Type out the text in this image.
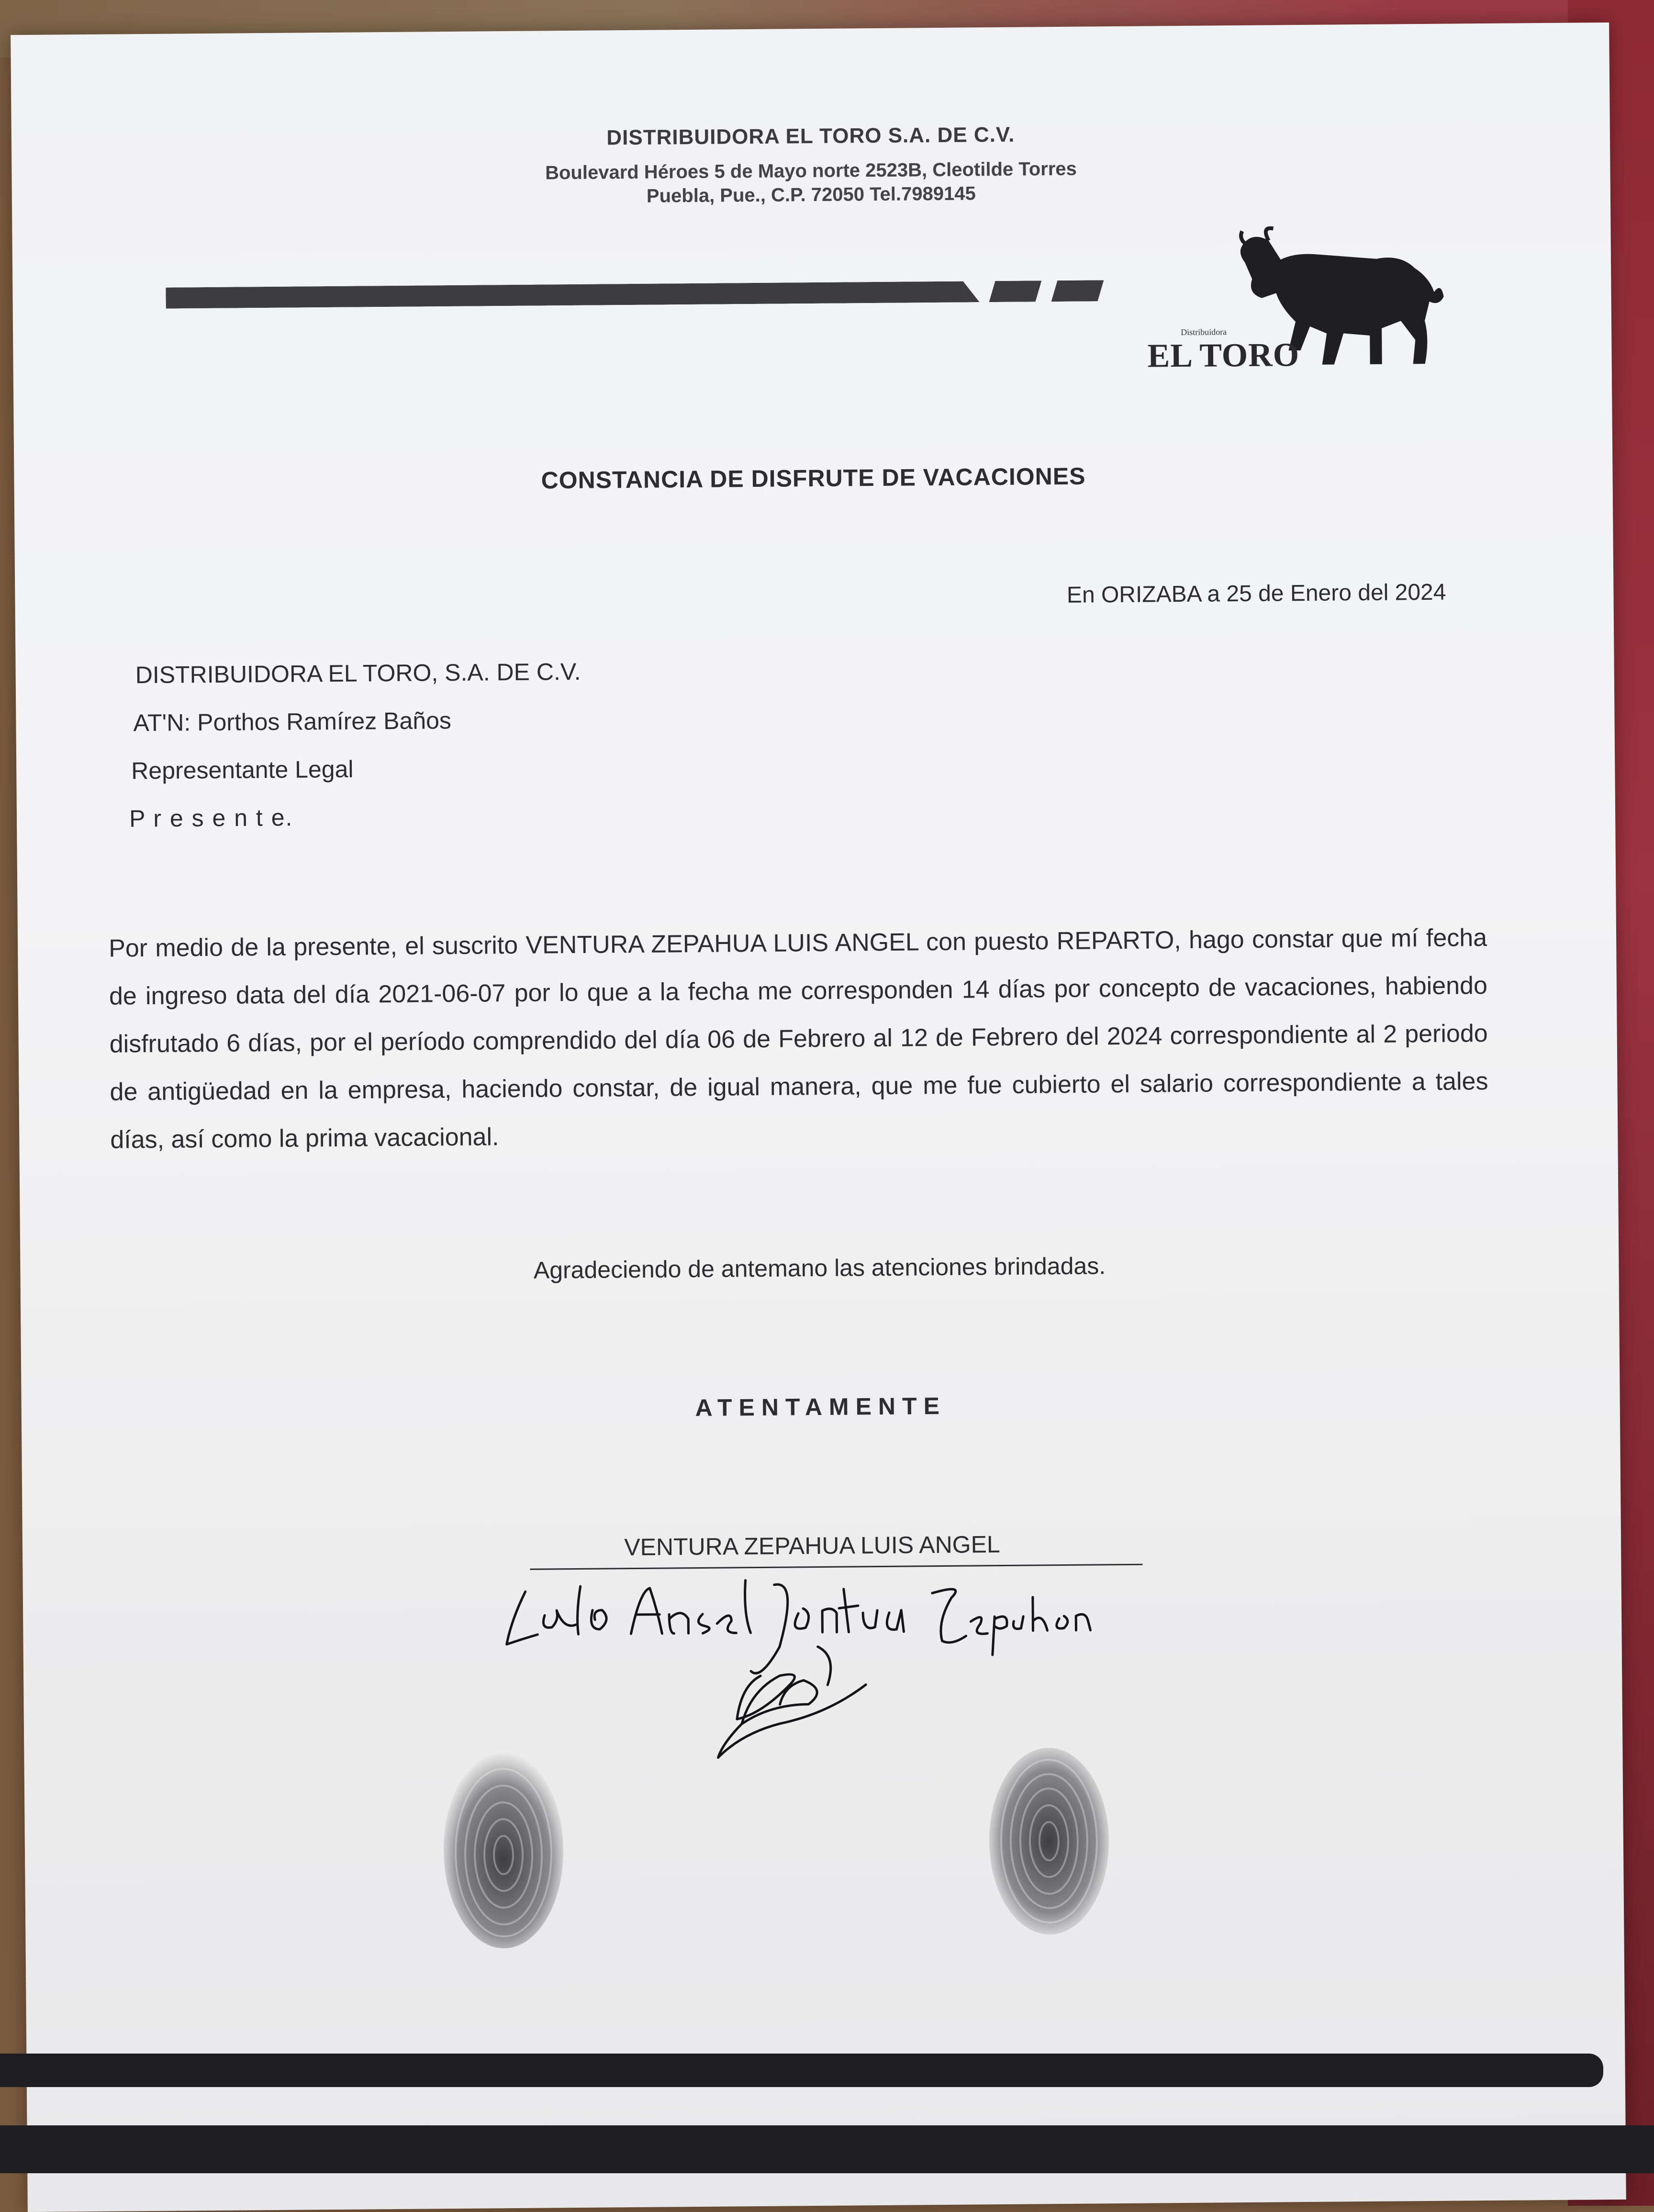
DISTRIBUIDORA EL TORO S.A. DE C.V.
Boulevard Héroes 5 de Mayo norte 2523B, Cleotilde Torres
Puebla, Pue., C.P. 72050 Tel.7989145
Distribuidora
EL TORO
CONSTANCIA DE DISFRUTE DE VACACIONES
En ORIZABA a 25 de Enero del 2024
DISTRIBUIDORA EL TORO, S.A. DE C.V.
AT'N: Porthos Ramírez Baños
Representante Legal
P r e s e n t e.
Por medio de la presente, el suscrito VENTURA ZEPAHUA LUIS ANGEL con puesto REPARTO, hago constar que mí fecha de ingreso data del día 2021-06-07 por lo que a la fecha me corresponden 14 días por concepto de vacaciones, habiendo disfrutado 6 días, por el período comprendido del día 06 de Febrero al 12 de Febrero del 2024 correspondiente al 2 periodo de antigüedad en la empresa, haciendo constar, de igual manera, que me fue cubierto el salario correspondiente a tales días, así como la prima vacacional.
Agradeciendo de antemano las atenciones brindadas.
ATENTAMENTE
VENTURA ZEPAHUA LUIS ANGEL
